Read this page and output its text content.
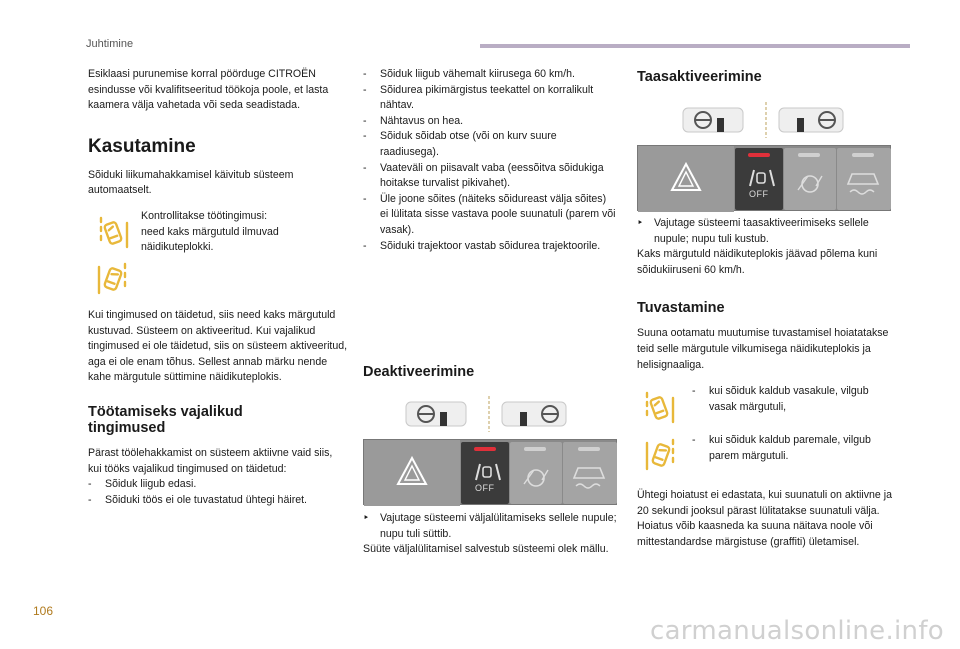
Juhtimine
106
carmanualsonline.info

Esiklaasi purunemise korral pöörduge CITROËN esindusse või kvalifitseeritud töökoja poole, et lasta kaamera välja vahetada või seda seadistada.

Kasutamine

Sõiduki liikumahakkamisel käivitub süsteem automaatselt.

Kontrollitakse töötingimusi: need kaks märgutuld ilmuvad näidikuteplokki.

Kui tingimused on täidetud, siis need kaks märgutuld kustuvad. Süsteem on aktiveeritud. Kui vajalikud tingimused ei ole täidetud, siis on süsteem aktiveeritud, aga ei ole enam tõhus. Sellest annab märku nende kahe märgutule süttimine näidikuteplokis.

Töötamiseks vajalikud tingimused

Pärast töölehakkamist on süsteem aktiivne vaid siis, kui tööks vajalikud tingimused on täidetud:

- Sõiduk liigub edasi.
- Sõiduki töös ei ole tuvastatud ühtegi häiret.
- Sõiduk liigub vähemalt kiirusega 60 km/h.
- Sõidurea pikimärgistus teekattel on korralikult nähtav.
- Nähtavus on hea.
- Sõiduk sõidab otse (või on kurv suure raadiusega).
- Vaateväli on piisavalt vaba (eessõitva sõidukiga hoitakse turvalist pikivahet).
- Üle joone sõites (näiteks sõidureast välja sõites) ei lülitata sisse vastava poole suunatuli (parem või vasak).
- Sõiduki trajektoor vastab sõidurea trajektoorile.
Deaktiveerimine
OFF

‣ Vajutage süsteemi väljalülitamiseks sellele nupule; nupu tuli süttib.

Süüte väljalülitamisel salvestub süsteemi olek mällu.

Taasaktiveerimine
OFF

‣ Vajutage süsteemi taasaktiveerimiseks sellele nupule; nupu tuli kustub.

Kaks märgutuld näidikuteplokis jäävad põlema kuni sõidukiiruseni 60 km/h.

Tuvastamine

Suuna ootamatu muutumise tuvastamisel hoiatatakse teid selle märgutule vilkumisega näidikuteplokis ja helisignaaliga.

- kui sõiduk kaldub vasakule, vilgub vasak märgutuli,
- kui sõiduk kaldub paremale, vilgub parem märgutuli.

Ühtegi hoiatust ei edastata, kui suunatuli on aktiivne ja 20 sekundi jooksul pärast lülitatakse suunatuli välja.
Hoiatus võib kaasneda ka suuna näitava noole või mittestandardse märgistuse (graffiti) ületamisel.
